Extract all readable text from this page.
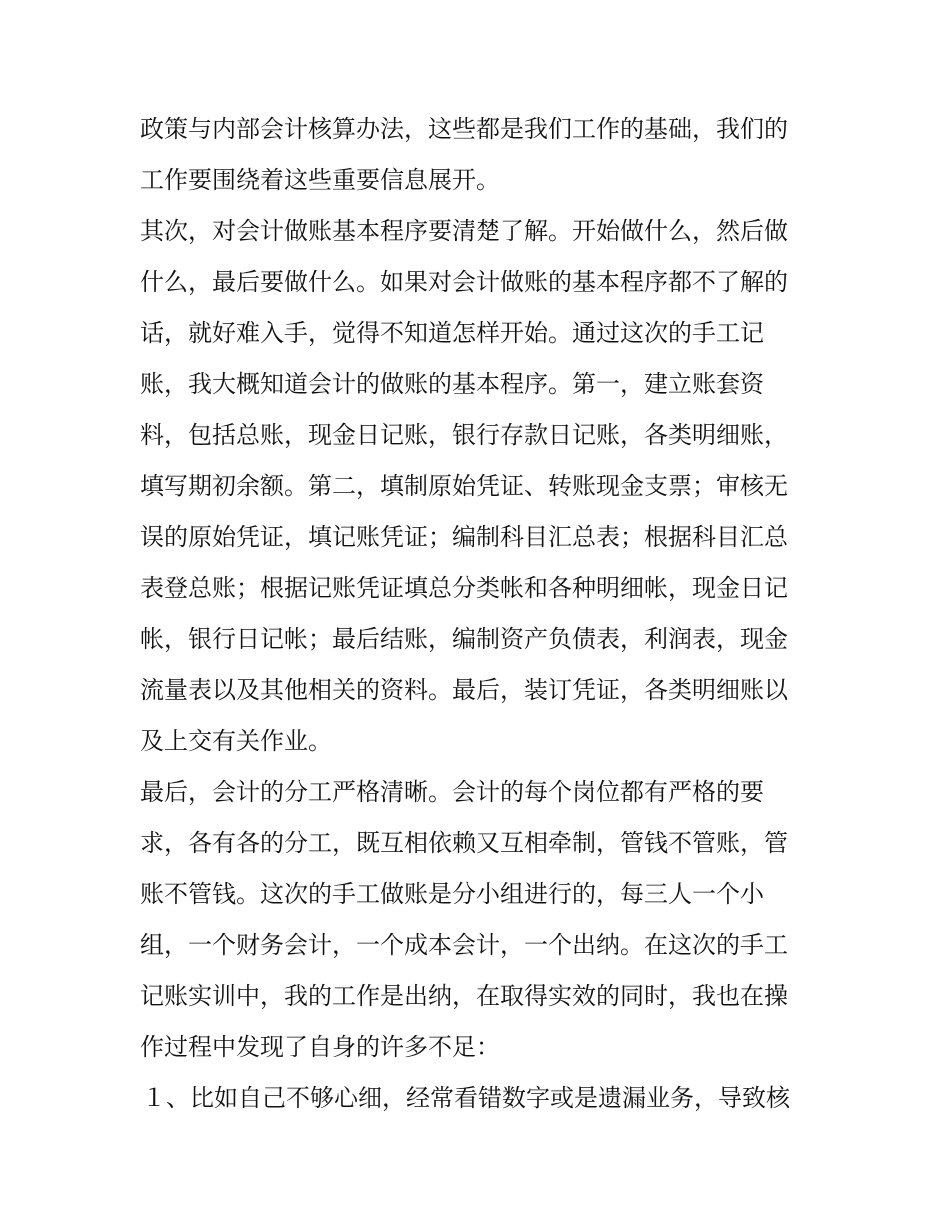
政策与内部会计核算办法，这些都是我们工作的基础，我们的
工作要围绕着这些重要信息展开。
其次，对会计做账基本程序要清楚了解。开始做什么，然后做
什么，最后要做什么。如果对会计做账的基本程序都不了解的
话，就好难入手，觉得不知道怎样开始。通过这次的手工记
账，我大概知道会计的做账的基本程序。第一，建立账套资
料，包括总账，现金日记账，银行存款日记账，各类明细账，
填写期初余额。第二，填制原始凭证、转账现金支票；审核无
误的原始凭证，填记账凭证；编制科目汇总表；根据科目汇总
表登总账；根据记账凭证填总分类帐和各种明细帐，现金日记
帐，银行日记帐；最后结账，编制资产负债表，利润表，现金
流量表以及其他相关的资料。最后，装订凭证，各类明细账以
及上交有关作业。
最后，会计的分工严格清晰。会计的每个岗位都有严格的要
求，各有各的分工，既互相依赖又互相牵制，管钱不管账，管
账不管钱。这次的手工做账是分小组进行的，每三人一个小
组，一个财务会计，一个成本会计，一个出纳。在这次的手工
记账实训中，我的工作是出纳，在取得实效的同时，我也在操
作过程中发现了自身的许多不足：
１、比如自己不够心细，经常看错数字或是遗漏业务，导致核
